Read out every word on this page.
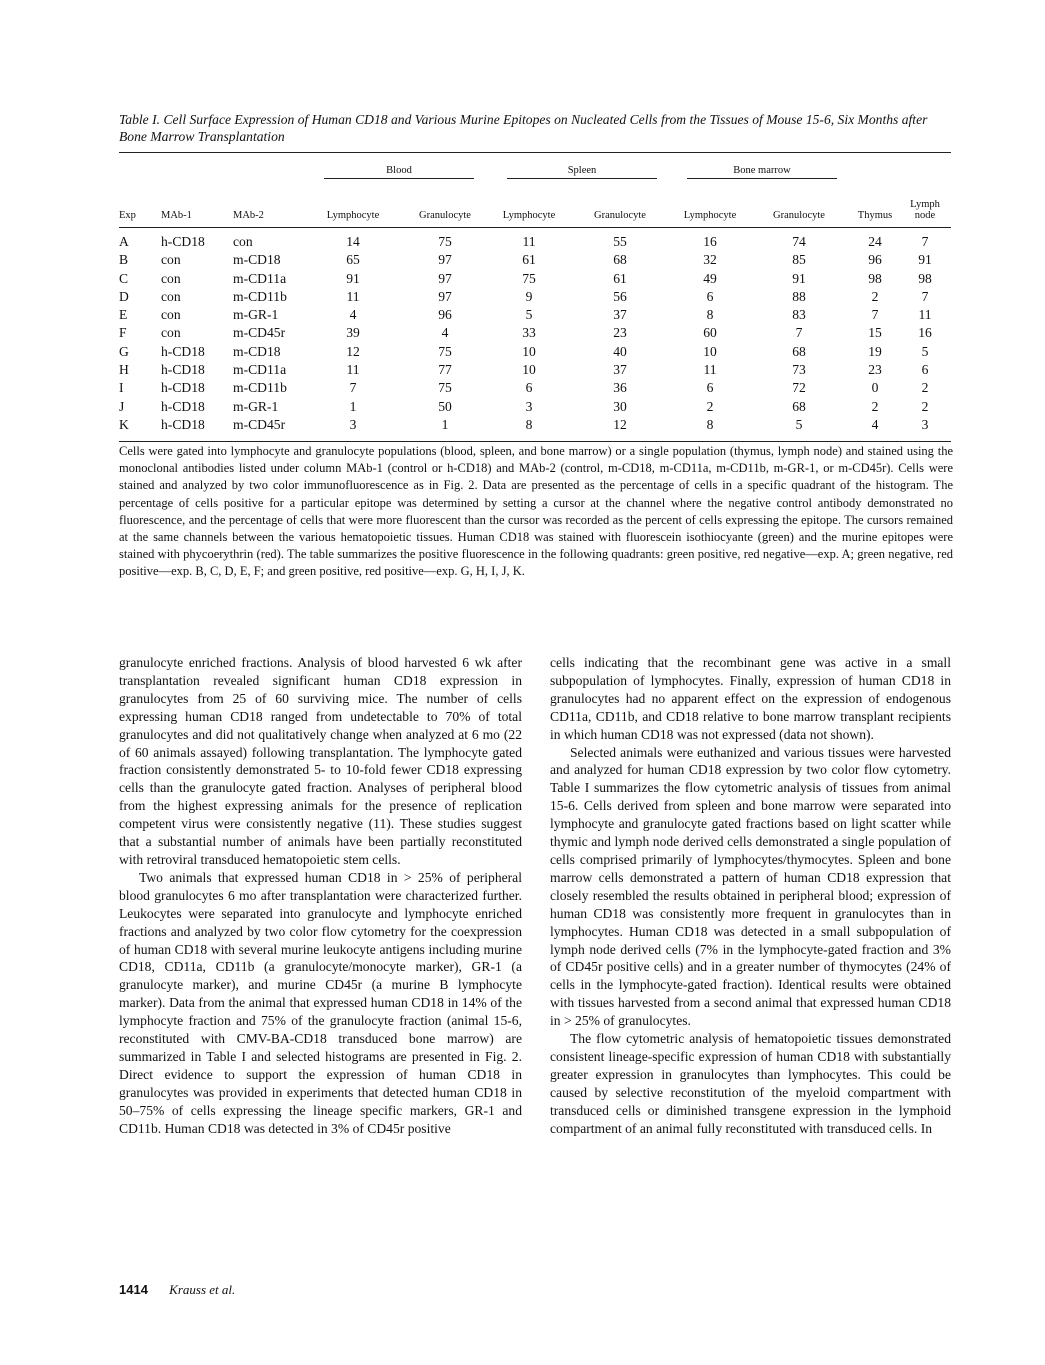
Table I. Cell Surface Expression of Human CD18 and Various Murine Epitopes on Nucleated Cells from the Tissues of Mouse 15-6, Six Months after Bone Marrow Transplantation
			Blood		Spleen		Bone marrow			
Exp	MAb-1	MAb-2	Lymphocyte	Granulocyte	Lymphocyte	Granulocyte	Lymphocyte	Granulocyte	Thymus	Lymph node
A	h-CD18	con	14	75	11	55	16	74	24	7
B	con	m-CD18	65	97	61	68	32	85	96	91
C	con	m-CD11a	91	97	75	61	49	91	98	98
D	con	m-CD11b	11	97	9	56	6	88	2	7
E	con	m-GR-1	4	96	5	37	8	83	7	11
F	con	m-CD45r	39	4	33	23	60	7	15	16
G	h-CD18	m-CD18	12	75	10	40	10	68	19	5
H	h-CD18	m-CD11a	11	77	10	37	11	73	23	6
I	h-CD18	m-CD11b	7	75	6	36	6	72	0	2
J	h-CD18	m-GR-1	1	50	3	30	2	68	2	2
K	h-CD18	m-CD45r	3	1	8	12	8	5	4	3
Cells were gated into lymphocyte and granulocyte populations (blood, spleen, and bone marrow) or a single population (thymus, lymph node) and stained using the monoclonal antibodies listed under column MAb-1 (control or h-CD18) and MAb-2 (control, m-CD18, m-CD11a, m-CD11b, m-GR-1, or m-CD45r). Cells were stained and analyzed by two color immunofluorescence as in Fig. 2. Data are presented as the percentage of cells in a specific quadrant of the histogram. The percentage of cells positive for a particular epitope was determined by setting a cursor at the channel where the negative control antibody demonstrated no fluorescence, and the percentage of cells that were more fluorescent than the cursor was recorded as the percent of cells expressing the epitope. The cursors remained at the same channels between the various hematopoietic tissues. Human CD18 was stained with fluorescein isothiocyante (green) and the murine epitopes were stained with phycoerythrin (red). The table summarizes the positive fluorescence in the following quadrants: green positive, red negative—exp. A; green negative, red positive—exp. B, C, D, E, F; and green positive, red positive—exp. G, H, I, J, K.

granulocyte enriched fractions. Analysis of blood harvested 6 wk after transplantation revealed significant human CD18 expression in granulocytes from 25 of 60 surviving mice. The number of cells expressing human CD18 ranged from undetectable to 70% of total granulocytes and did not qualitatively change when analyzed at 6 mo (22 of 60 animals assayed) following transplantation. The lymphocyte gated fraction consistently demonstrated 5- to 10-fold fewer CD18 expressing cells than the granulocyte gated fraction. Analyses of peripheral blood from the highest expressing animals for the presence of replication competent virus were consistently negative (11). These studies suggest that a substantial number of animals have been partially reconstituted with retroviral transduced hematopoietic stem cells.

Two animals that expressed human CD18 in > 25% of peripheral blood granulocytes 6 mo after transplantation were characterized further. Leukocytes were separated into granulocyte and lymphocyte enriched fractions and analyzed by two color flow cytometry for the coexpression of human CD18 with several murine leukocyte antigens including murine CD18, CD11a, CD11b (a granulocyte/monocyte marker), GR-1 (a granulocyte marker), and murine CD45r (a murine B lymphocyte marker). Data from the animal that expressed human CD18 in 14% of the lymphocyte fraction and 75% of the granulocyte fraction (animal 15-6, reconstituted with CMV-BA-CD18 transduced bone marrow) are summarized in Table I and selected histograms are presented in Fig. 2. Direct evidence to support the expression of human CD18 in granulocytes was provided in experiments that detected human CD18 in 50–75% of cells expressing the lineage specific markers, GR-1 and CD11b. Human CD18 was detected in 3% of CD45r positive

cells indicating that the recombinant gene was active in a small subpopulation of lymphocytes. Finally, expression of human CD18 in granulocytes had no apparent effect on the expression of endogenous CD11a, CD11b, and CD18 relative to bone marrow transplant recipients in which human CD18 was not expressed (data not shown).

Selected animals were euthanized and various tissues were harvested and analyzed for human CD18 expression by two color flow cytometry. Table I summarizes the flow cytometric analysis of tissues from animal 15-6. Cells derived from spleen and bone marrow were separated into lymphocyte and granulocyte gated fractions based on light scatter while thymic and lymph node derived cells demonstrated a single population of cells comprised primarily of lymphocytes/thymocytes. Spleen and bone marrow cells demonstrated a pattern of human CD18 expression that closely resembled the results obtained in peripheral blood; expression of human CD18 was consistently more frequent in granulocytes than in lymphocytes. Human CD18 was detected in a small subpopulation of lymph node derived cells (7% in the lymphocyte-gated fraction and 3% of CD45r positive cells) and in a greater number of thymocytes (24% of cells in the lymphocyte-gated fraction). Identical results were obtained with tissues harvested from a second animal that expressed human CD18 in > 25% of granulocytes.

The flow cytometric analysis of hematopoietic tissues demonstrated consistent lineage-specific expression of human CD18 with substantially greater expression in granulocytes than lymphocytes. This could be caused by selective reconstitution of the myeloid compartment with transduced cells or diminished transgene expression in the lymphoid compartment of an animal fully reconstituted with transduced cells. In

1414 Krauss et al.
